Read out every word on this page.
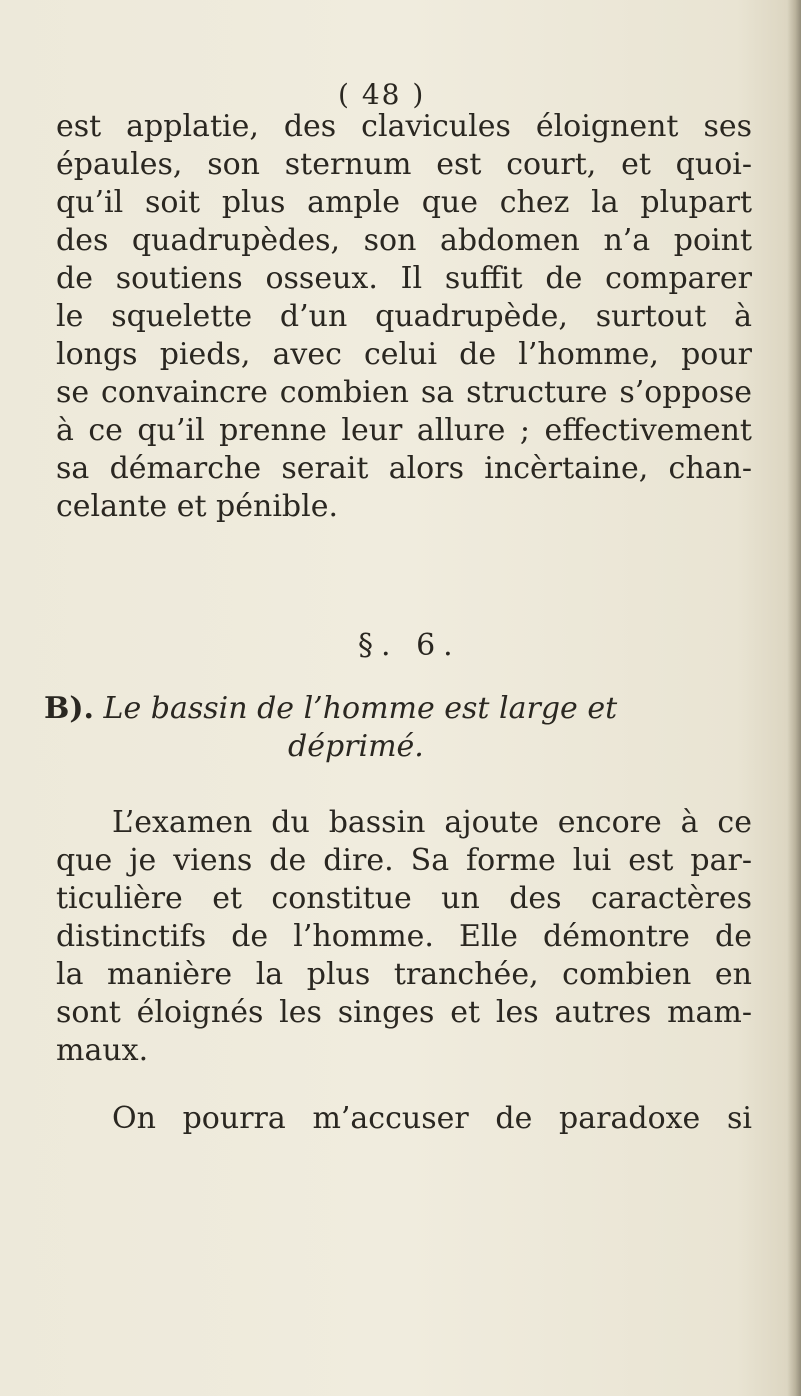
( 48 )
est applatie, des clavicules éloignent ses
épaules, son sternum est court, et quoi-
qu’il soit plus ample que chez la plupart
des quadrupèdes, son abdomen n’a point
de soutiens osseux. Il suffit de comparer
le squelette d’un quadrupède, surtout à
longs pieds, avec celui de l’homme, pour
se convaincre combien sa structure s’oppose
à ce qu’il prenne leur allure ; effectivement
sa démarche serait alors incèrtaine, chan-
celante et pénible.
§. 6.
B). Le bassin de l’homme est large et
déprimé.
L’examen du bassin ajoute encore à ce
que je viens de dire. Sa forme lui est par-
ticulière et constitue un des caractères
distinctifs de l’homme. Elle démontre de
la manière la plus tranchée, combien en
sont éloignés les singes et les autres mam-
maux.
On pourra m’accuser de paradoxe si
